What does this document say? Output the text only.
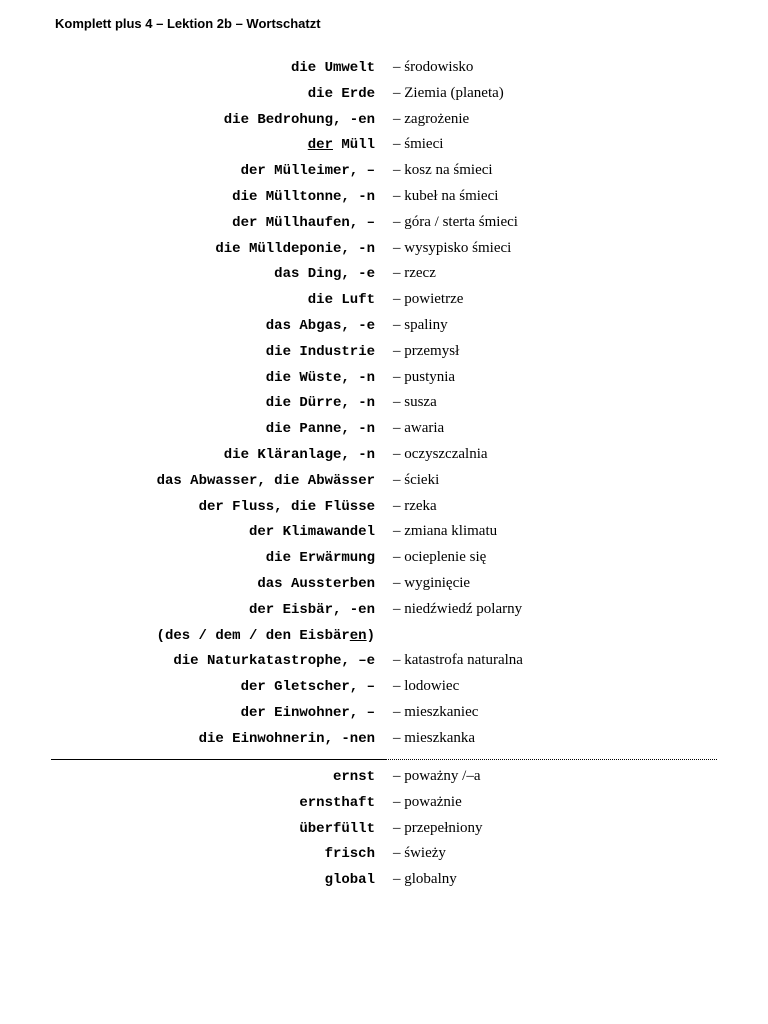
Komplett plus 4 – Lektion 2b – Wortschatzt
die Umwelt – środowisko
die Erde – Ziemia (planeta)
die Bedrohung, -en – zagrożenie
der Müll – śmieci
der Mülleimer, – – kosz na śmieci
die Mülltonne, -n – kubeł na śmieci
der Müllhaufen, – – góra / sterta śmieci
die Mülldeponie, -n – wysypisko śmieci
das Ding, -e – rzecz
die Luft – powietrze
das Abgas, -e – spaliny
die Industrie – przemysł
die Wüste, -n – pustynia
die Dürre, -n – susza
die Panne, -n – awaria
die Kläranlage, -n – oczyszczalnia
das Abwasser, die Abwässer – ścieki
der Fluss, die Flüsse – rzeka
der Klimawandel – zmiana klimatu
die Erwärmung – ocieplenie się
das Aussterben – wyginięcie
der Eisbär, -en – niedźwiedź polarny
(des / dem / den Eisbären)
die Naturkatastrophe, –e – katastrofa naturalna
der Gletscher, – – lodowiec
der Einwohner, – – mieszkaniec
die Einwohnerin, -nen – mieszkanka
ernst – poważny /–a
ernsthaft – poważnie
überfüllt – przepełniony
frisch – świeży
global – globalny
